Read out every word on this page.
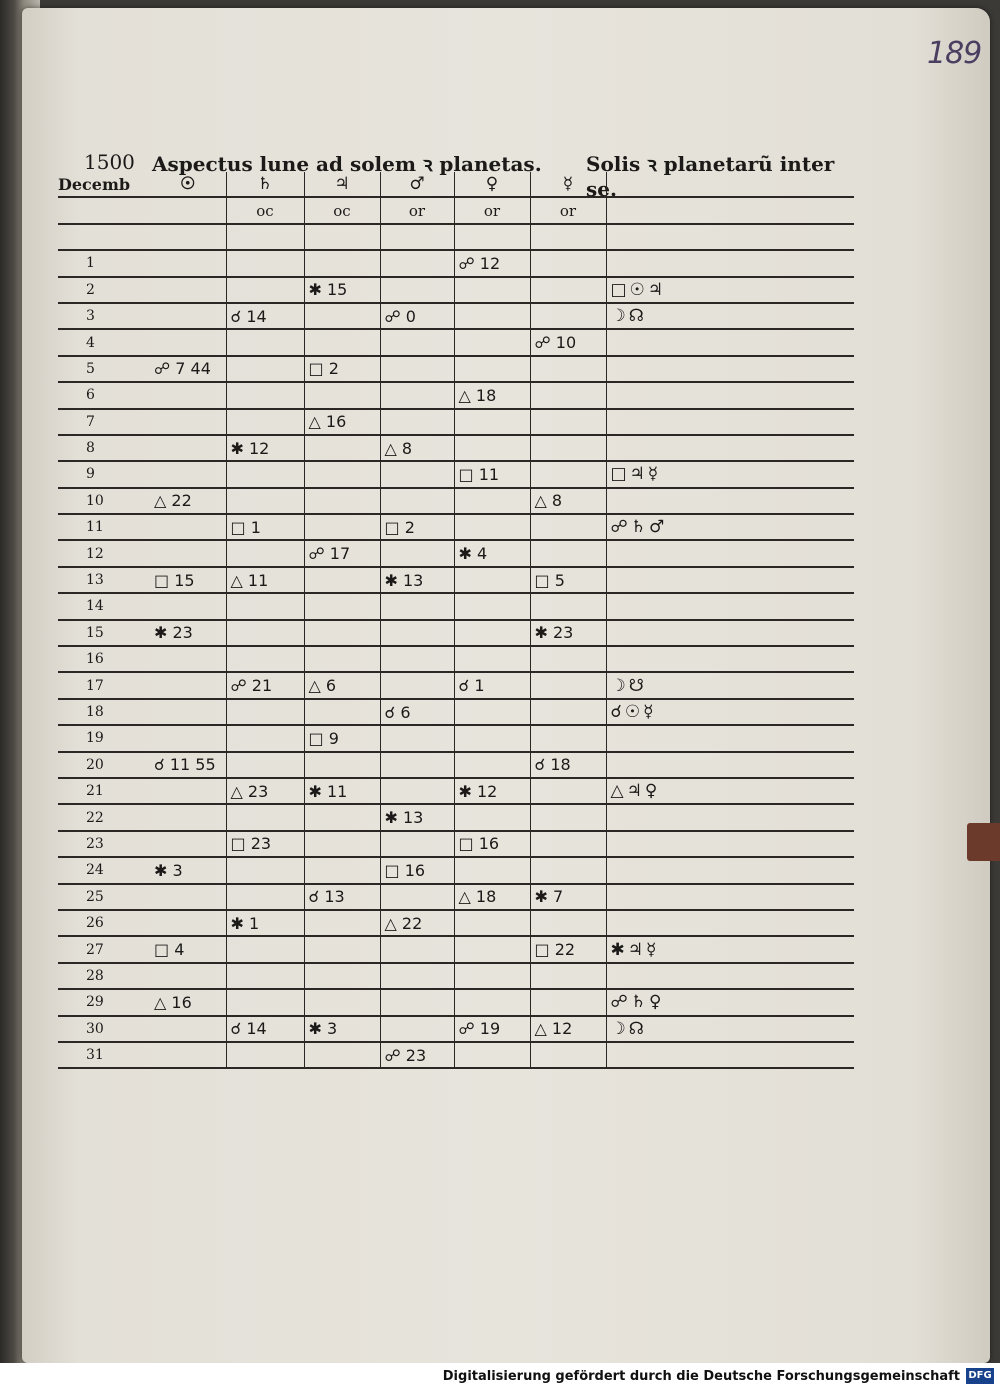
189
1500 Aspectus lune ad solem ꝛ planetas. Solis ꝛ planetarũ inter se.
Decemb	☉	♄	♃	♂	♀	☿	
		oc	oc	or	or	or	

1					☍ 12		
2			✱ 15				□☉♃
3		☌ 14		☍ 0			☽☊
4						☍ 10	
5	☍ 7 44		□ 2				
6					△ 18		
7			△ 16				
8		✱ 12		△ 8			
9					□ 11		□♃☿
10	△ 22					△ 8	
11		□ 1		□ 2			☍♄♂
12			☍ 17		✱ 4		
13	□ 15	△ 11		✱ 13		□ 5	
14							
15	✱ 23					✱ 23	
16							
17		☍ 21	△ 6		☌ 1		☽☋
18				☌ 6			☌☉☿
19			□ 9				
20	☌ 11 55					☌ 18	
21		△ 23	✱ 11		✱ 12		△♃♀
22				✱ 13			
23		□ 23			□ 16		
24	✱ 3			□ 16			
25			☌ 13		△ 18	✱ 7	
26		✱ 1		△ 22			
27	□ 4					□ 22	✱♃☿
28							
29	△ 16						☍♄♀
30		☌ 14	✱ 3		☍ 19	△ 12	☽☊
31				☍ 23			
Digitalisierung gefördert durch die Deutsche Forschungsgemeinschaft DFG
